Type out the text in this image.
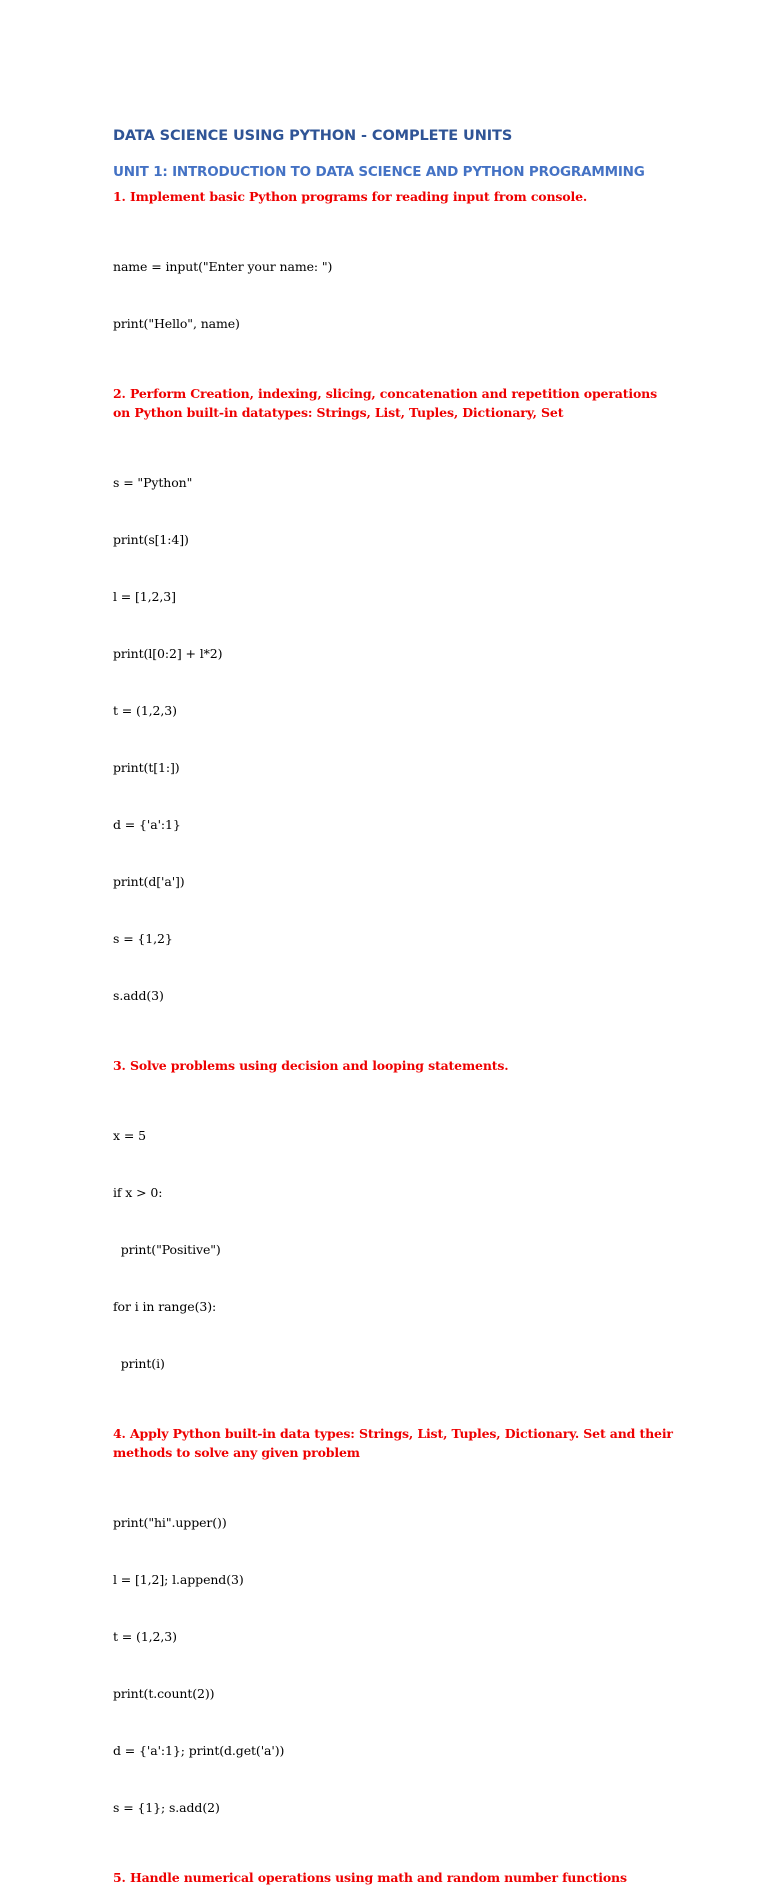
DATA SCIENCE USING PYTHON - COMPLETE UNITS
UNIT 1: INTRODUCTION TO DATA SCIENCE AND PYTHON PROGRAMMING

1. Implement basic Python programs for reading input from console.

name = input("Enter your name: ")

print("Hello", name)

2. Perform Creation, indexing, slicing, concatenation and repetition operations on Python built-in datatypes: Strings, List, Tuples, Dictionary, Set

s = "Python"

print(s[1:4])

l = [1,2,3]

print(l[0:2] + l*2)

t = (1,2,3)

print(t[1:])

d = {'a':1}

print(d['a'])

s = {1,2}

s.add(3)

3. Solve problems using decision and looping statements.

x = 5

if x > 0:

print("Positive")

for i in range(3):

print(i)

4. Apply Python built-in data types: Strings, List, Tuples, Dictionary. Set and their methods to solve any given problem

print("hi".upper())

l = [1,2]; l.append(3)

t = (1,2,3)

print(t.count(2))

d = {'a':1}; print(d.get('a'))

s = {1}; s.add(2)

5. Handle numerical operations using math and random number functions
